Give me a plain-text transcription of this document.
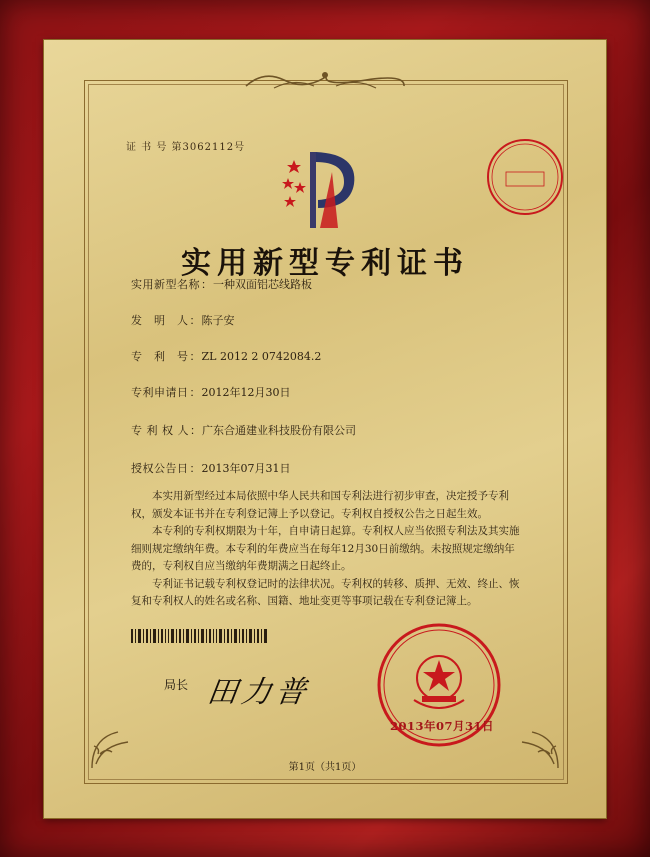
证 书 号 第3062112号
实用新型专利证书
实用新型名称：一种双面铝芯线路板
发　明　人：陈子安
专　利　号：ZL 2012 2 0742084.2
专利申请日：2012年12月30日
专 利 权 人：广东合通建业科技股份有限公司
授权公告日：2013年07月31日

本实用新型经过本局依照中华人民共和国专利法进行初步审查，决定授予专利权，颁发本证书并在专利登记簿上予以登记。专利权自授权公告之日起生效。

本专利的专利权期限为十年，自申请日起算。专利权人应当依照专利法及其实施细则规定缴纳年费。本专利的年费应当在每年12月30日前缴纳。未按照规定缴纳年费的，专利权自应当缴纳年费期满之日起终止。

专利证书记载专利权登记时的法律状况。专利权的转移、质押、无效、终止、恢复和专利权人的姓名或名称、国籍、地址变更等事项记载在专利登记簿上。

局长 田力普
2013年07月31日
第1页（共1页）
